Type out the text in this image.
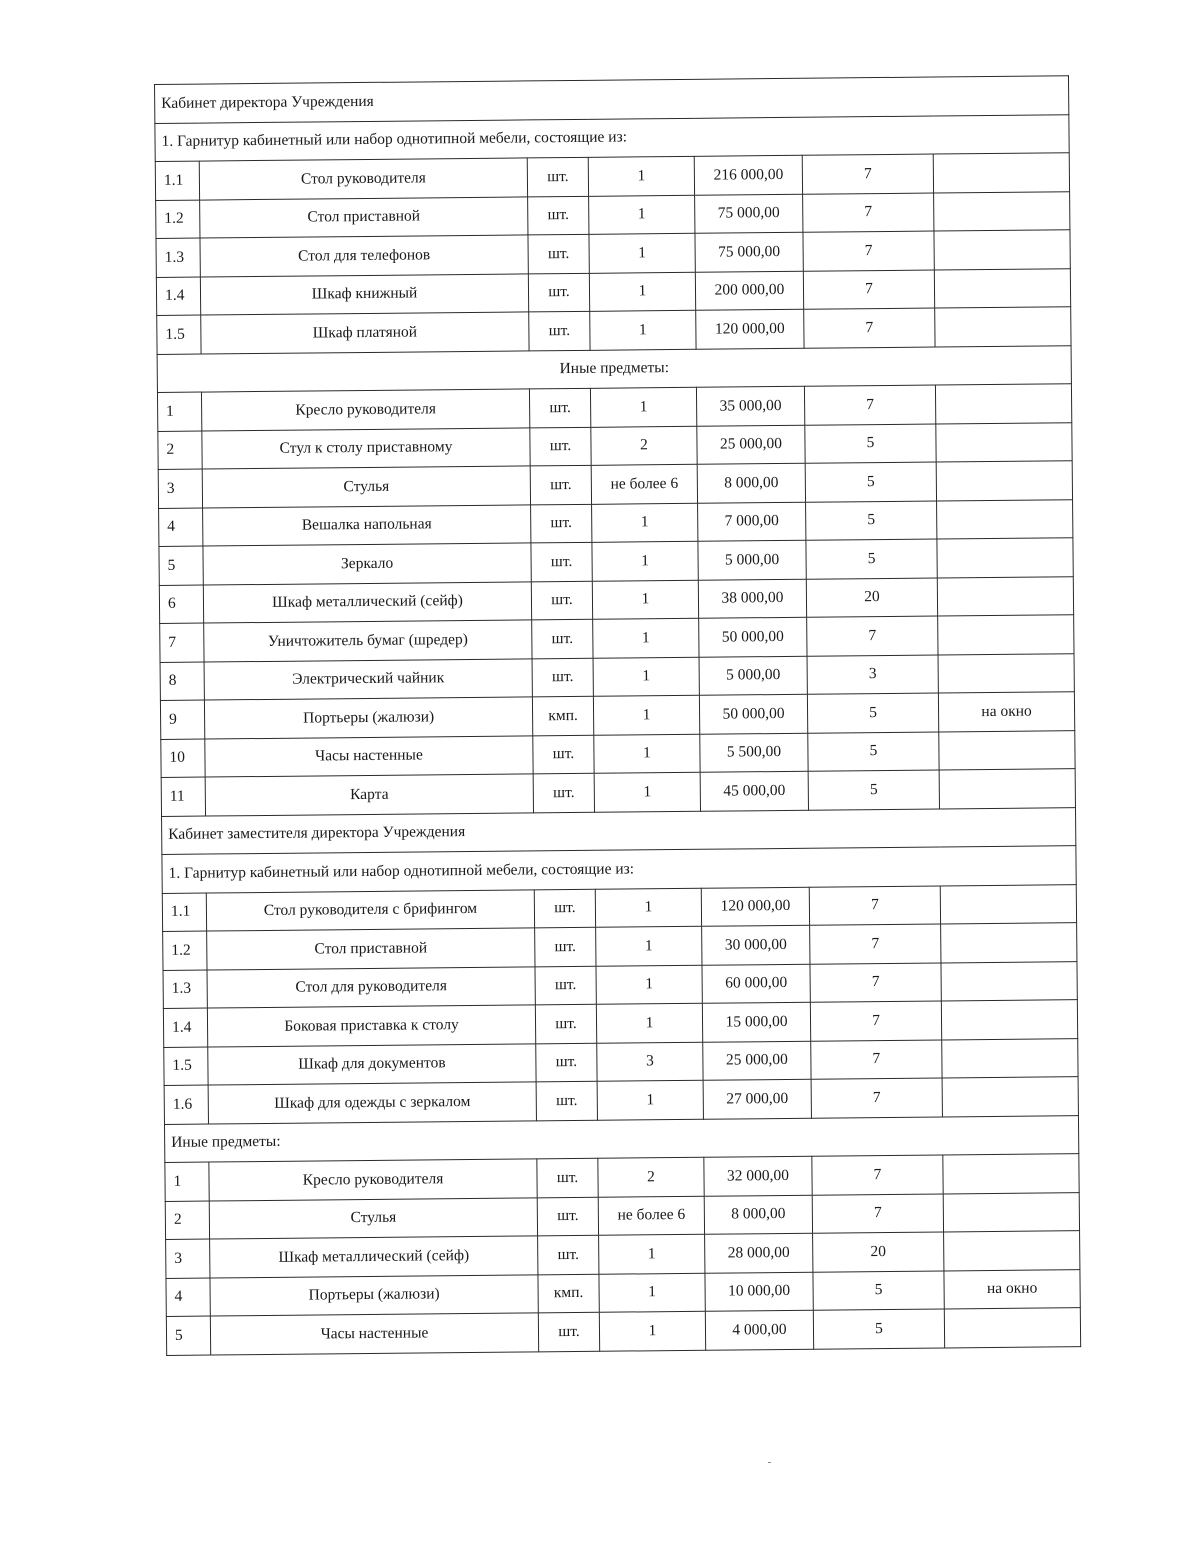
Кабинет директора Учреждения						
1. Гарнитур кабинетный или набор однотипной мебели, состоящие из:						
1.1	Стол руководителя	шт.	1	216 000,00	7	
1.2	Стол приставной	шт.	1	75 000,00	7	
1.3	Стол для телефонов	шт.	1	75 000,00	7	
1.4	Шкаф книжный	шт.	1	200 000,00	7	
1.5	Шкаф платяной	шт.	1	120 000,00	7	
Иные предметы:						
1	Кресло руководителя	шт.	1	35 000,00	7	
2	Стул к столу приставному	шт.	2	25 000,00	5	
3	Стулья	шт.	не более 6	8 000,00	5	
4	Вешалка напольная	шт.	1	7 000,00	5	
5	Зеркало	шт.	1	5 000,00	5	
6	Шкаф металлический (сейф)	шт.	1	38 000,00	20	
7	Уничтожитель бумаг (шредер)	шт.	1	50 000,00	7	
8	Электрический чайник	шт.	1	5 000,00	3	
9	Портьеры (жалюзи)	кмп.	1	50 000,00	5	на окно
10	Часы настенные	шт.	1	5 500,00	5	
11	Карта	шт.	1	45 000,00	5	
Кабинет заместителя директора Учреждения						
1. Гарнитур кабинетный или набор однотипной мебели, состоящие из:						
1.1	Стол руководителя с брифингом	шт.	1	120 000,00	7	
1.2	Стол приставной	шт.	1	30 000,00	7	
1.3	Стол для руководителя	шт.	1	60 000,00	7	
1.4	Боковая приставка к столу	шт.	1	15 000,00	7	
1.5	Шкаф для документов	шт.	3	25 000,00	7	
1.6	Шкаф для одежды с зеркалом	шт.	1	27 000,00	7	
Иные предметы:						
1	Кресло руководителя	шт.	2	32 000,00	7	
2	Стулья	шт.	не более 6	8 000,00	7	
3	Шкаф металлический (сейф)	шт.	1	28 000,00	20	
4	Портьеры (жалюзи)	кмп.	1	10 000,00	5	на окно
5	Часы настенные	шт.	1	4 000,00	5	
